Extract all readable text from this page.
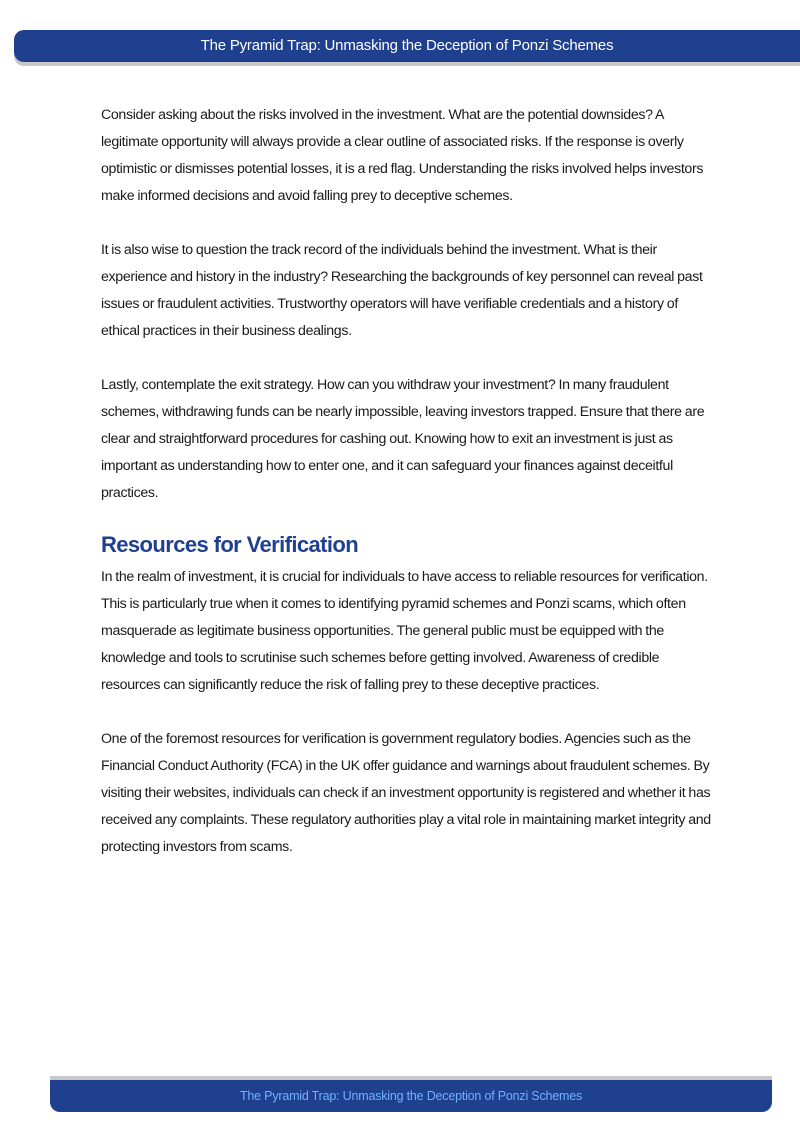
The Pyramid Trap: Unmasking the Deception of Ponzi Schemes

Consider asking about the risks involved in the investment. What are the potential downsides? A legitimate opportunity will always provide a clear outline of associated risks. If the response is overly optimistic or dismisses potential losses, it is a red flag. Understanding the risks involved helps investors make informed decisions and avoid falling prey to deceptive schemes.

It is also wise to question the track record of the individuals behind the investment. What is their experience and history in the industry? Researching the backgrounds of key personnel can reveal past issues or fraudulent activities. Trustworthy operators will have verifiable credentials and a history of ethical practices in their business dealings.

Lastly, contemplate the exit strategy. How can you withdraw your investment? In many fraudulent schemes, withdrawing funds can be nearly impossible, leaving investors trapped. Ensure that there are clear and straightforward procedures for cashing out. Knowing how to exit an investment is just as important as understanding how to enter one, and it can safeguard your finances against deceitful practices.

Resources for Verification

In the realm of investment, it is crucial for individuals to have access to reliable resources for verification. This is particularly true when it comes to identifying pyramid schemes and Ponzi scams, which often masquerade as legitimate business opportunities. The general public must be equipped with the knowledge and tools to scrutinise such schemes before getting involved. Awareness of credible resources can significantly reduce the risk of falling prey to these deceptive practices.

One of the foremost resources for verification is government regulatory bodies. Agencies such as the Financial Conduct Authority (FCA) in the UK offer guidance and warnings about fraudulent schemes. By visiting their websites, individuals can check if an investment opportunity is registered and whether it has received any complaints. These regulatory authorities play a vital role in maintaining market integrity and protecting investors from scams.

The Pyramid Trap: Unmasking the Deception of Ponzi Schemes
